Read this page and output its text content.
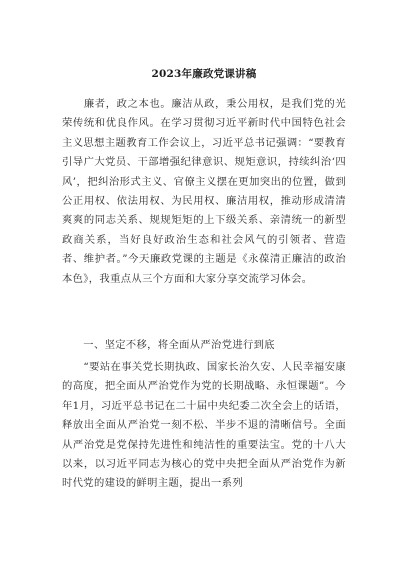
2023年廉政党课讲稿

　　廉者，政之本也。廉洁从政，秉公用权，是我们党的光荣传统和优良作风。在学习贯彻习近平新时代中国特色社会主义思想主题教育工作会议上，习近平总书记强调：“要教育引导广大党员、干部增强纪律意识、规矩意识，持续纠治‘四风’，把纠治形式主义、官僚主义摆在更加突出的位置，做到公正用权、依法用权、为民用权、廉洁用权，推动形成清清爽爽的同志关系、规规矩矩的上下级关系、亲清统一的新型政商关系，当好良好政治生态和社会风气的引领者、营造者、维护者。”今天廉政党课的主题是《永葆清正廉洁的政治本色》，我重点从三个方面和大家分享交流学习体会。

　　一、坚定不移，将全面从严治党进行到底

　　“要站在事关党长期执政、国家长治久安、人民幸福安康的高度，把全面从严治党作为党的长期战略、永恒课题”。今年1月，习近平总书记在二十届中央纪委二次全会上的话语，释放出全面从严治党一刻不松、半步不退的清晰信号。全面从严治党是党保持先进性和纯洁性的重要法宝。党的十八大以来，以习近平同志为核心的党中央把全面从严治党作为新时代党的建设的鲜明主题，提出一系列
